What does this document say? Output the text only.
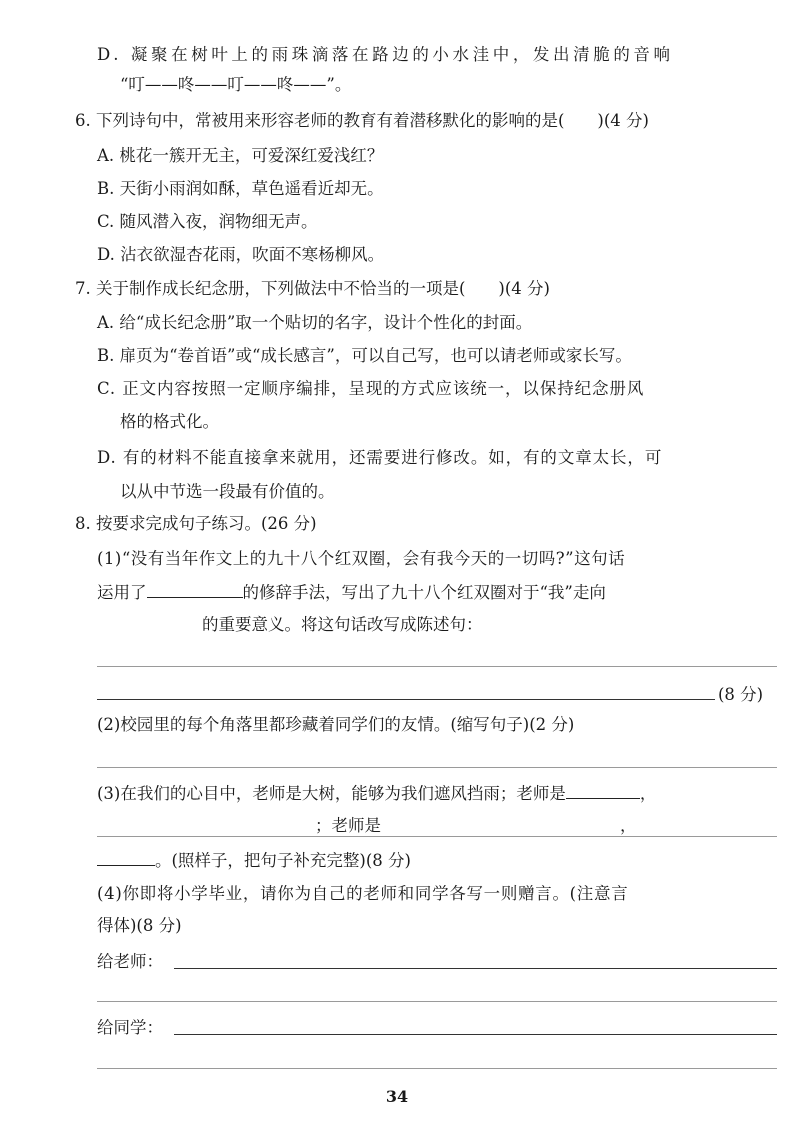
D. 凝聚在树叶上的雨珠滴落在路边的小水洼中，发出清脆的音响
“叮——咚——叮——咚——”。
6. 下列诗句中，常被用来形容老师的教育有着潜移默化的影响的是(　　)(4 分)
A. 桃花一簇开无主，可爱深红爱浅红？
B. 天街小雨润如酥，草色遥看近却无。
C. 随风潜入夜，润物细无声。
D. 沾衣欲湿杏花雨，吹面不寒杨柳风。
7. 关于制作成长纪念册，下列做法中不恰当的一项是(　　)(4 分)
A. 给“成长纪念册”取一个贴切的名字，设计个性化的封面。
B. 扉页为“卷首语”或“成长感言”，可以自己写，也可以请老师或家长写。
C. 正文内容按照一定顺序编排，呈现的方式应该统一，以保持纪念册风
格的格式化。
D. 有的材料不能直接拿来就用，还需要进行修改。如，有的文章太长，可
以从中节选一段最有价值的。
8. 按要求完成句子练习。(26 分)
(1)“没有当年作文上的九十八个红双圈，会有我今天的一切吗?”这句话
运用了	的修辞手法，写出了九十八个红双圈对于“我”走向
的重要意义。将这句话改写成陈述句：
(8 分)
(2)校园里的每个角落里都珍藏着同学们的友情。(缩写句子)(2 分)
(3)在我们的心目中，老师是大树，能够为我们遮风挡雨；老师是	，
；老师是	，
。(照样子，把句子补充完整)(8 分)
(4)你即将小学毕业，请你为自己的老师和同学各写一则赠言。(注意言
得体)(8 分)
给老师：
给同学：
34
